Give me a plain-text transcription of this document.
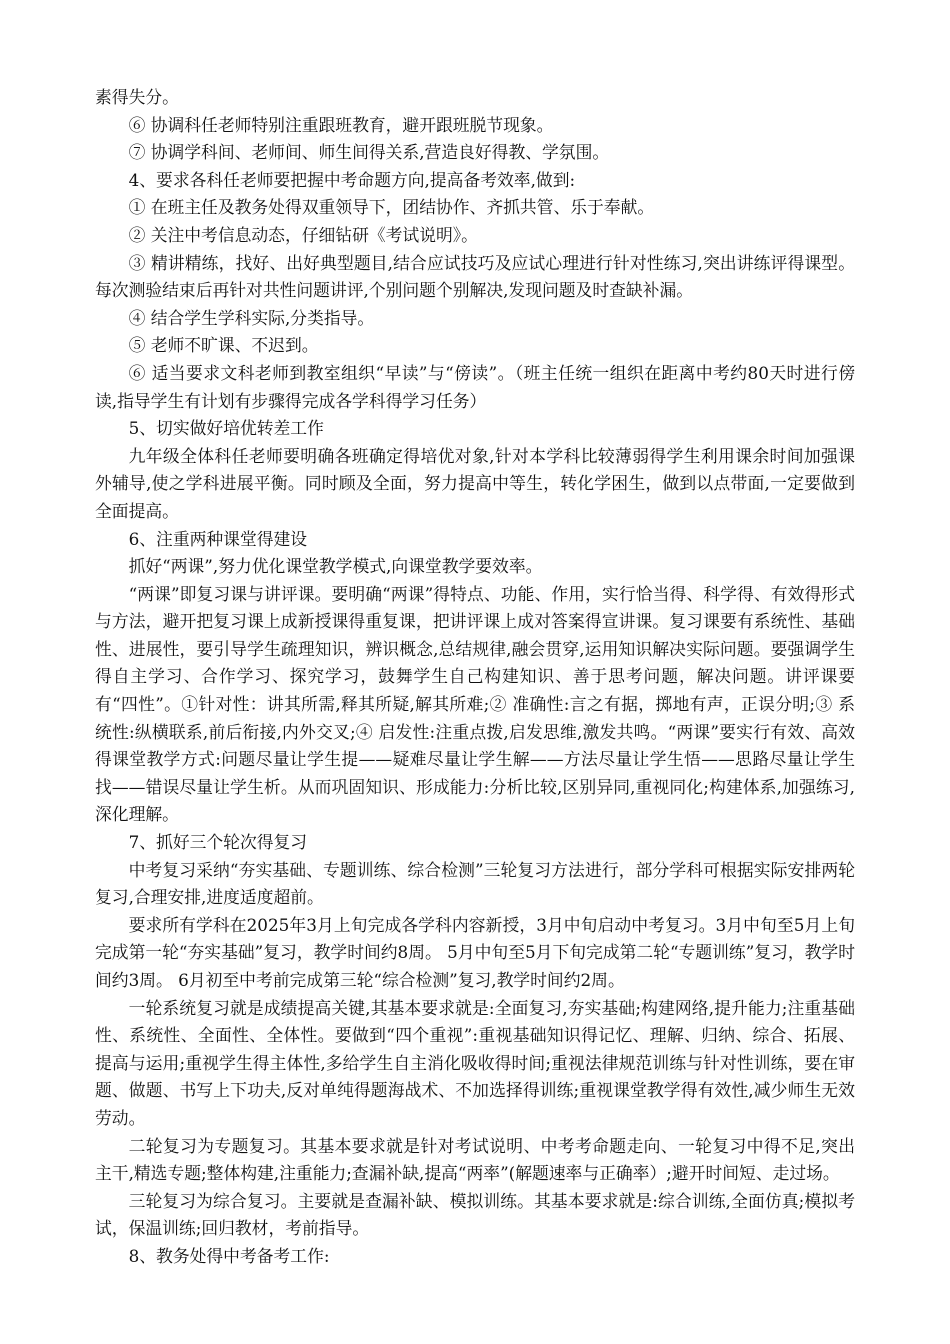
素得失分。

⑥ 协调科任老师特别注重跟班教育，避开跟班脱节现象。

⑦ 协调学科间、老师间、师生间得关系,营造良好得教、学氛围。

4、要求各科任老师要把握中考命题方向,提高备考效率,做到:

① 在班主任及教务处得双重领导下，团结协作、齐抓共管、乐于奉献。

② 关注中考信息动态，仔细钻研《考试说明》。

③ 精讲精练，找好、出好典型题目,结合应试技巧及应试心理进行针对性练习,突出讲练评得课型。每次测验结束后再针对共性问题讲评,个别问题个别解决,发现问题及时查缺补漏。

④ 结合学生学科实际,分类指导。

⑤ 老师不旷课、不迟到。

⑥ 适当要求文科老师到教室组织“早读”与“傍读”。（班主任统一组织在距离中考约80天时进行傍读,指导学生有计划有步骤得完成各学科得学习任务）

5、切实做好培优转差工作

九年级全体科任老师要明确各班确定得培优对象,针对本学科比较薄弱得学生利用课余时间加强课外辅导,使之学科进展平衡。同时顾及全面，努力提高中等生，转化学困生，做到以点带面,一定要做到全面提高。

6、注重两种课堂得建设

抓好“两课”,努力优化课堂教学模式,向课堂教学要效率。

“两课”即复习课与讲评课。要明确“两课”得特点、功能、作用，实行恰当得、科学得、有效得形式与方法，避开把复习课上成新授课得重复课，把讲评课上成对答案得宣讲课。复习课要有系统性、基础性、进展性，要引导学生疏理知识，辨识概念,总结规律,融会贯穿,运用知识解决实际问题。要强调学生得自主学习、合作学习、探究学习，鼓舞学生自己构建知识、善于思考问题，解决问题。讲评课要有“四性”。①针对性：讲其所需,释其所疑,解其所难;② 准确性:言之有据，掷地有声，正误分明;③ 系统性:纵横联系,前后衔接,内外交叉;④ 启发性:注重点拨,启发思维,激发共鸣。“两课”要实行有效、高效得课堂教学方式:问题尽量让学生提——疑难尽量让学生解——方法尽量让学生悟——思路尽量让学生找——错误尽量让学生析。从而巩固知识、形成能力:分析比较,区别异同,重视同化;构建体系,加强练习,深化理解。

7、抓好三个轮次得复习

中考复习采纳“夯实基础、专题训练、综合检测”三轮复习方法进行，部分学科可根据实际安排两轮复习,合理安排,进度适度超前。

要求所有学科在2025年3月上旬完成各学科内容新授，3月中旬启动中考复习。3月中旬至5月上旬完成第一轮“夯实基础”复习，教学时间约8周。 5月中旬至5月下旬完成第二轮“专题训练”复习，教学时间约3周。 6月初至中考前完成第三轮“综合检测”复习,教学时间约2周。

一轮系统复习就是成绩提高关键,其基本要求就是:全面复习,夯实基础;构建网络,提升能力;注重基础性、系统性、全面性、全体性。要做到“四个重视”:重视基础知识得记忆、理解、归纳、综合、拓展、提高与运用;重视学生得主体性,多给学生自主消化吸收得时间;重视法律规范训练与针对性训练，要在审题、做题、书写上下功夫,反对单纯得题海战术、不加选择得训练;重视课堂教学得有效性,减少师生无效劳动。

二轮复习为专题复习。其基本要求就是针对考试说明、中考考命题走向、一轮复习中得不足,突出主干,精选专题;整体构建,注重能力;查漏补缺,提高“两率”(解题速率与正确率）;避开时间短、走过场。

三轮复习为综合复习。主要就是查漏补缺、模拟训练。其基本要求就是:综合训练,全面仿真;模拟考试，保温训练;回归教材，考前指导。

8、教务处得中考备考工作:
